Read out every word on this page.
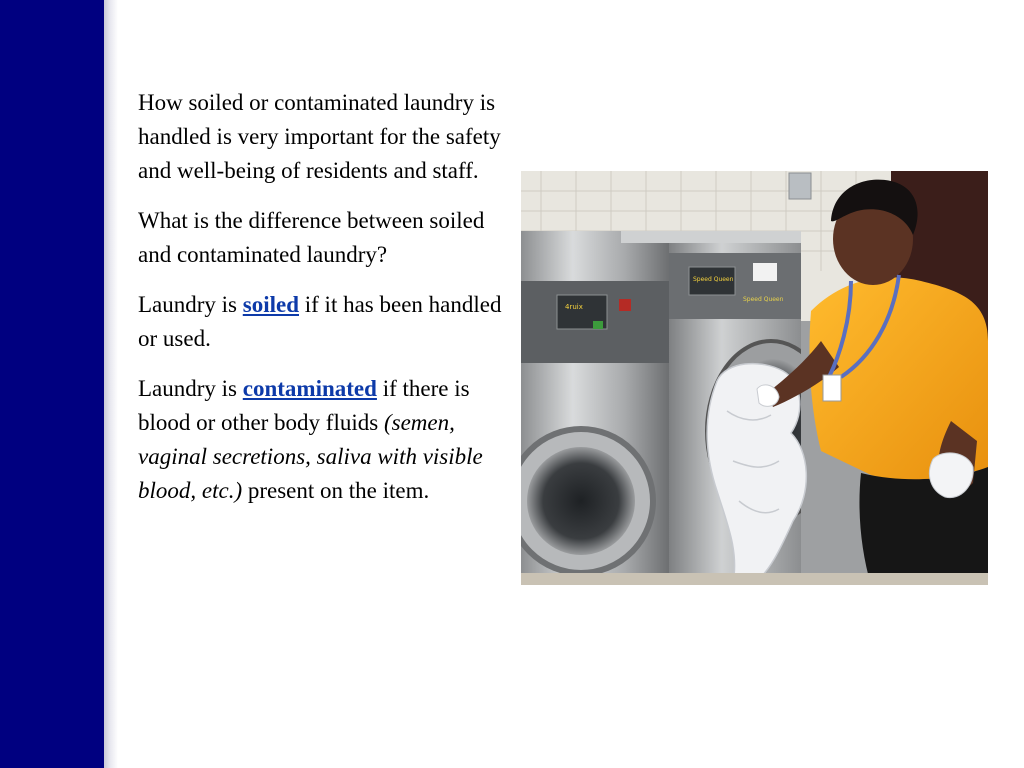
How soiled or contaminated laundry is handled is very important for the safety and well-being of residents and staff.

What is the difference between soiled and contaminated laundry?

Laundry is soiled if it has been handled or used.

Laundry is contaminated if there is blood or other body fluids (semen, vaginal secretions, saliva with visible blood, etc.) present on the item.

4ruix
Speed Queen
Speed Queen
